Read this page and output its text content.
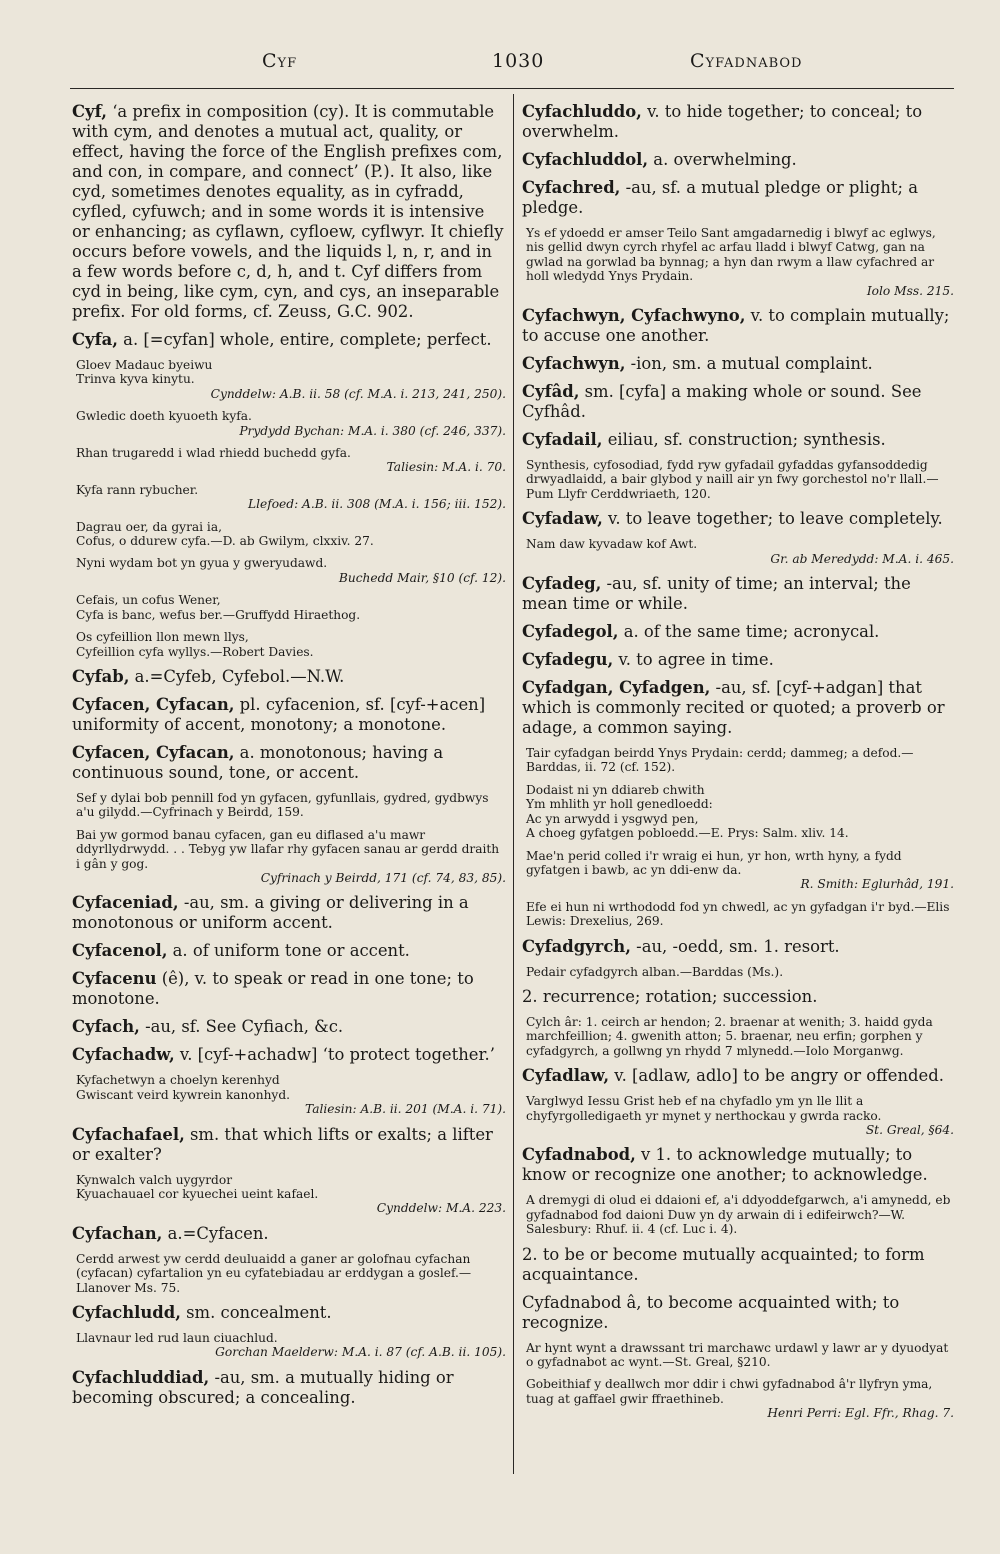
Cyf	1030	Cyfadnabod
Cyf, ‘a prefix in composition (cy). It is commutable with cym, and denotes a mutual act, quality, or effect, having the force of the English prefixes com, and con, in compare, and connect’ (P.). It also, like cyd, sometimes denotes equality, as in cyfradd, cyfled, cyfuwch; and in some words it is intensive or enhancing; as cyflawn, cyfloew, cyflwyr. It chiefly occurs before vowels, and the liquids l, n, r, and in a few words before c, d, h, and t. Cyf differs from cyd in being, like cym, cyn, and cys, an inseparable prefix. For old forms, cf. Zeuss, G.C. 902.
Cyfa, a. [=cyfan] whole, entire, complete; perfect.

Gloev Madauc byeiwu

Trinva kyva kinytu.

Cynddelw: A.B. ii. 58 (cf. M.A. i. 213, 241, 250).

Gwledic doeth kyuoeth kyfa.

Prydydd Bychan: M.A. i. 380 (cf. 246, 337).

Rhan trugaredd i wlad rhiedd buchedd gyfa.

Taliesin: M.A. i. 70.

Kyfa rann rybucher.

Llefoed: A.B. ii. 308 (M.A. i. 156; iii. 152).

Dagrau oer, da gyrai ia,

Cofus, o ddurew cyfa.—D. ab Gwilym, clxxiv. 27.

Nyni wydam bot yn gyua y gweryudawd.

Buchedd Mair, §10 (cf. 12).

Cefais, un cofus Wener,

Cyfa is banc, wefus ber.—Gruffydd Hiraethog.

Os cyfeillion llon mewn llys,

Cyfeillion cyfa wyllys.—Robert Davies.

Cyfab, a.=Cyfeb, Cyfebol.—N.W.
Cyfacen, Cyfacan, pl. cyfacenion, sf. [cyf-+acen] uniformity of accent, monotony; a monotone.
Cyfacen, Cyfacan, a. monotonous; having a continuous sound, tone, or accent.

Sef y dylai bob pennill fod yn gyfacen, gyfunllais, gydred, gydbwys a'u gilydd.—Cyfrinach y Beirdd, 159.

Bai yw gormod banau cyfacen, gan eu diflased a'u mawr ddyrllydrwydd. . . Tebyg yw llafar rhy gyfacen sanau ar gerdd draith i gân y gog.

Cyfrinach y Beirdd, 171 (cf. 74, 83, 85).

Cyfaceniad, -au, sm. a giving or delivering in a monotonous or uniform accent.
Cyfacenol, a. of uniform tone or accent.
Cyfacenu (ê), v. to speak or read in one tone; to monotone.
Cyfach, -au, sf. See Cyfiach, &c.
Cyfachadw, v. [cyf-+achadw] ‘to protect together.’

Kyfachetwyn a choelyn kerenhyd

Gwiscant veird kywrein kanonhyd.

Taliesin: A.B. ii. 201 (M.A. i. 71).

Cyfachafael, sm. that which lifts or exalts; a lifter or exalter?

Kynwalch valch uygyrdor

Kyuachauael cor kyuechei ueint kafael.

Cynddelw: M.A. 223.

Cyfachan, a.=Cyfacen.

Cerdd arwest yw cerdd deuluaidd a ganer ar golofnau cyfachan (cyfacan) cyfartalion yn eu cyfatebiadau ar erddygan a goslef.—Llanover Ms. 75.

Cyfachludd, sm. concealment.

Llavnaur led rud laun ciuachlud.

Gorchan Maelderw: M.A. i. 87 (cf. A.B. ii. 105).

Cyfachluddiad, -au, sm. a mutually hiding or becoming obscured; a concealing.
Cyfachluddo, v. to hide together; to conceal; to overwhelm.
Cyfachluddol, a. overwhelming.
Cyfachred, -au, sf. a mutual pledge or plight; a pledge.

Ys ef ydoedd er amser Teilo Sant amgadarnedig i blwyf ac eglwys, nis gellid dwyn cyrch rhyfel ac arfau lladd i blwyf Catwg, gan na gwlad na gorwlad ba bynnag; a hyn dan rwym a llaw cyfachred ar holl wledydd Ynys Prydain.

Iolo Mss. 215.

Cyfachwyn, Cyfachwyno, v. to complain mutually; to accuse one another.
Cyfachwyn, -ion, sm. a mutual complaint.
Cyfâd, sm. [cyfa] a making whole or sound. See Cyfhâd.
Cyfadail, eiliau, sf. construction; synthesis.

Synthesis, cyfosodiad, fydd ryw gyfadail gyfaddas gyfansoddedig drwyadlaidd, a bair glybod y naill air yn fwy gorchestol no'r llall.—Pum Llyfr Cerddwriaeth, 120.

Cyfadaw, v. to leave together; to leave completely.

Nam daw kyvadaw kof Awt.

Gr. ab Meredydd: M.A. i. 465.

Cyfadeg, -au, sf. unity of time; an interval; the mean time or while.
Cyfadegol, a. of the same time; acronycal.
Cyfadegu, v. to agree in time.
Cyfadgan, Cyfadgen, -au, sf. [cyf-+adgan] that which is commonly recited or quoted; a proverb or adage, a common saying.

Tair cyfadgan beirdd Ynys Prydain: cerdd; dammeg; a defod.—Barddas, ii. 72 (cf. 152).

Dodaist ni yn ddiareb chwith

Ym mhlith yr holl genedloedd:

Ac yn arwydd i ysgwyd pen,

A choeg gyfatgen pobloedd.—E. Prys: Salm. xliv. 14.

Mae'n perid colled i'r wraig ei hun, yr hon, wrth hyny, a fydd gyfatgen i bawb, ac yn ddi-enw da.

R. Smith: Eglurhâd, 191.

Efe ei hun ni wrthododd fod yn chwedl, ac yn gyfadgan i'r byd.—Elis Lewis: Drexelius, 269.

Cyfadgyrch, -au, -oedd, sm. 1. resort.

Pedair cyfadgyrch alban.—Barddas (Ms.).

2. recurrence; rotation; succession.

Cylch âr: 1. ceirch ar hendon; 2. braenar at wenith; 3. haidd gyda marchfeillion; 4. gwenith atton; 5. braenar, neu erfin; gorphen y cyfadgyrch, a gollwng yn rhydd 7 mlynedd.—Iolo Morganwg.

Cyfadlaw, v. [adlaw, adlo] to be angry or offended.

Varglwyd Iessu Grist heb ef na chyfadlo ym yn lle llit a chyfyrgolledigaeth yr mynet y nerthockau y gwrda racko.

St. Greal, §64.

Cyfadnabod, v 1. to acknowledge mutually; to know or recognize one another; to acknowledge.

A dremygi di olud ei ddaioni ef, a'i ddyoddefgarwch, a'i amynedd, eb gyfadnabod fod daioni Duw yn dy arwain di i edifeirwch?—W. Salesbury: Rhuf. ii. 4 (cf. Luc i. 4).

2. to be or become mutually acquainted; to form acquaintance.
Cyfadnabod â, to become acquainted with; to recognize.

Ar hynt wynt a drawssant tri marchawc urdawl y lawr ar y dyuodyat o gyfadnabot ac wynt.—St. Greal, §210.

Gobeithiaf y deallwch mor ddir i chwi gyfadnabod â'r llyfryn yma, tuag at gaffael gwir ffraethineb.

Henri Perri: Egl. Ffr., Rhag. 7.
